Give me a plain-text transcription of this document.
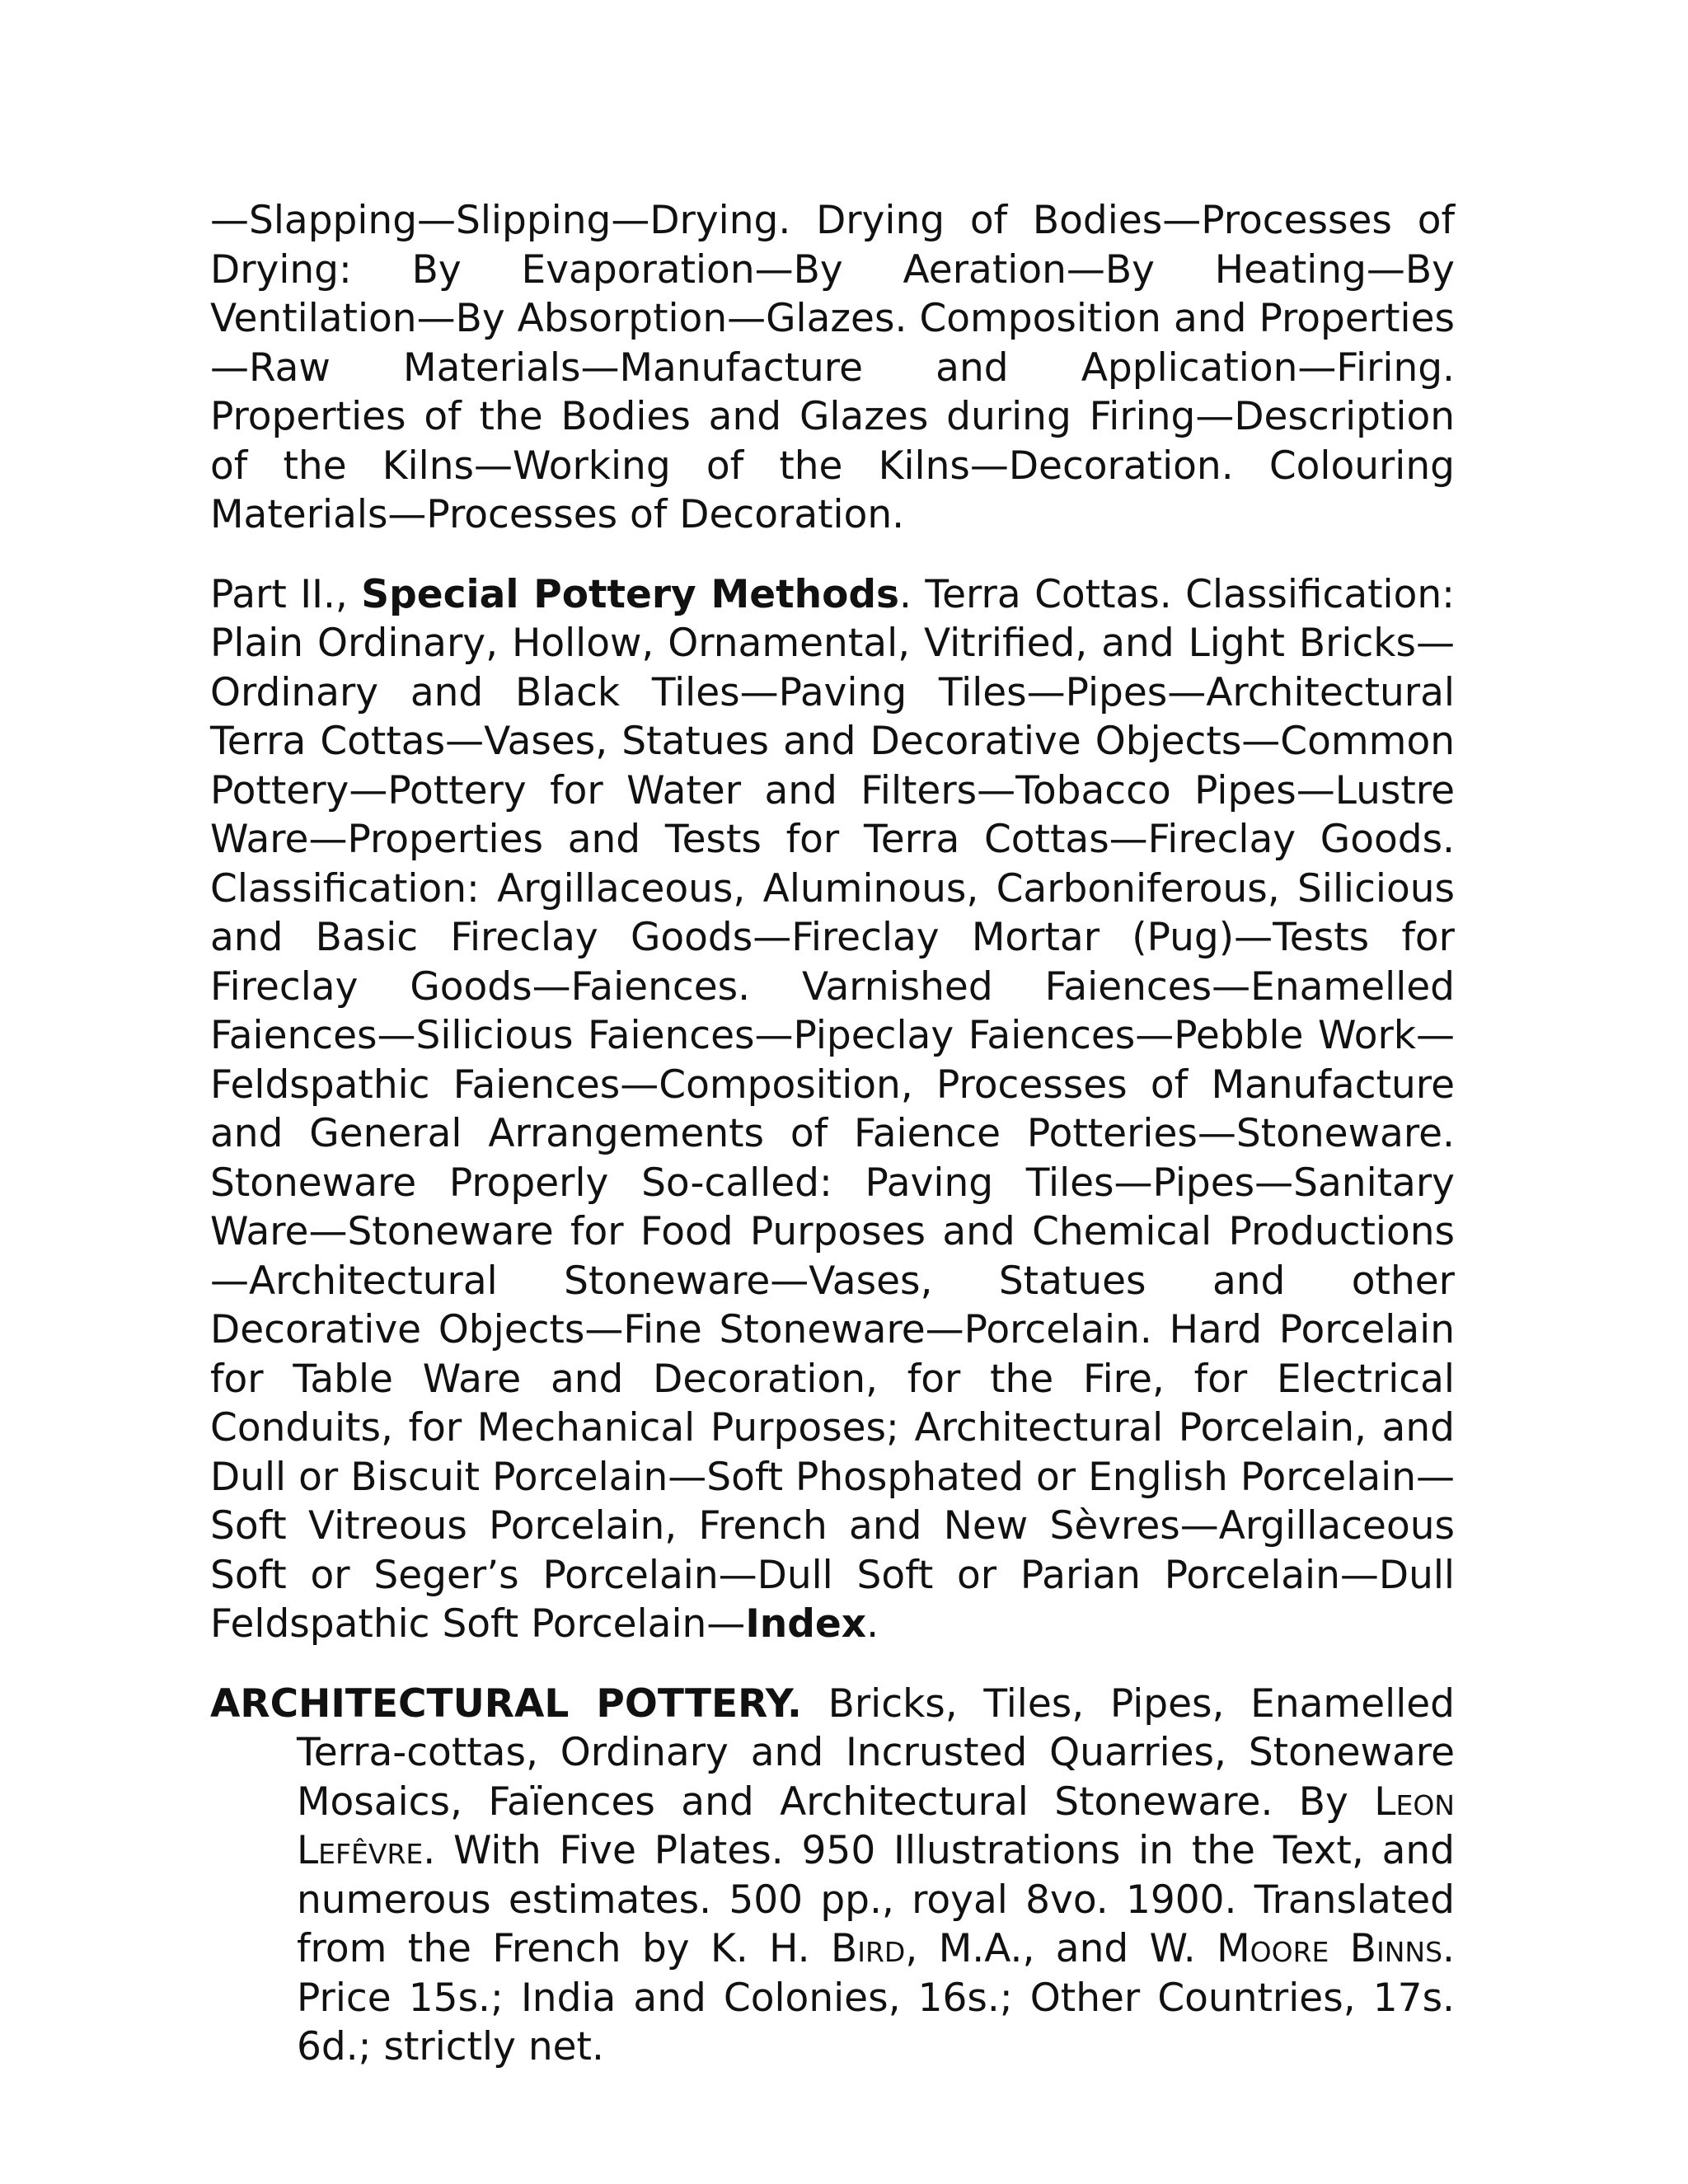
—Slapping—Slipping—Drying. Drying of Bodies—Processes of Drying: By Evaporation—By Aeration—By Heating—By Ventilation—By Absorption—Glazes. Composition and Properties—Raw Materials—Manufacture and Application—Firing. Properties of the Bodies and Glazes during Firing—Description of the Kilns—Working of the Kilns—Decoration. Colouring Materials—Processes of Decoration.

Part II., Special Pottery Methods. Terra Cottas. Classification: Plain Ordinary, Hollow, Ornamental, Vitrified, and Light Bricks—Ordinary and Black Tiles—Paving Tiles—Pipes—Architectural Terra Cottas—Vases, Statues and Decorative Objects—Common Pottery—Pottery for Water and Filters—Tobacco Pipes—Lustre Ware—Properties and Tests for Terra Cottas—Fireclay Goods. Classification: Argillaceous, Aluminous, Carboniferous, Silicious and Basic Fireclay Goods—Fireclay Mortar (Pug)—Tests for Fireclay Goods—Faiences. Varnished Faiences—Enamelled Faiences—Silicious Faiences—Pipeclay Faiences—Pebble Work—Feldspathic Faiences—Composition, Processes of Manufacture and General Arrangements of Faience Potteries—Stoneware. Stoneware Properly So-called: Paving Tiles—Pipes—Sanitary Ware—Stoneware for Food Purposes and Chemical Productions—Architectural Stoneware—Vases, Statues and other Decorative Objects—Fine Stoneware—Porcelain. Hard Porcelain for Table Ware and Decoration, for the Fire, for Electrical Conduits, for Mechanical Purposes; Architectural Porcelain, and Dull or Biscuit Porcelain—Soft Phosphated or English Porcelain—Soft Vitreous Porcelain, French and New Sèvres—Argillaceous Soft or Seger’s Porcelain—Dull Soft or Parian Porcelain—Dull Feldspathic Soft Porcelain—Index.

ARCHITECTURAL POTTERY. Bricks, Tiles, Pipes, Enamelled Terra-cottas, Ordinary and Incrusted Quarries, Stoneware Mosaics, Faïences and Architectural Stoneware. By Leon Lefêvre. With Five Plates. 950 Illustrations in the Text, and numerous estimates. 500 pp., royal 8vo. 1900. Translated from the French by K. H. Bird, M.A., and W. Moore Binns. Price 15s.; India and Colonies, 16s.; Other Countries, 17s. 6d.; strictly net.
